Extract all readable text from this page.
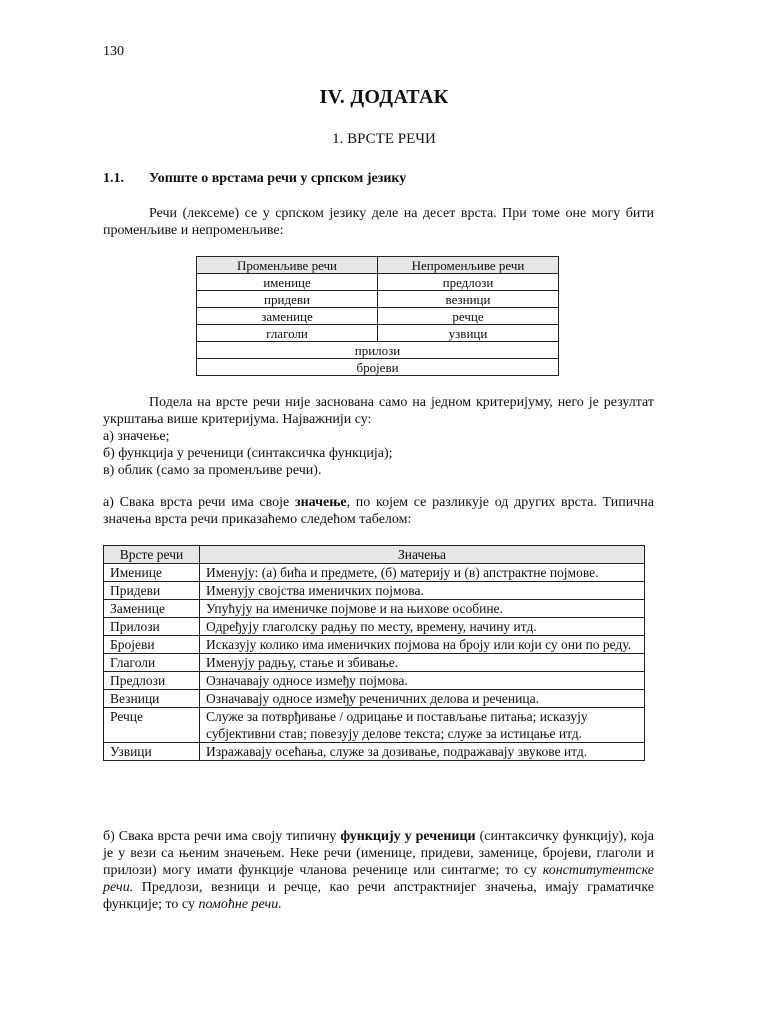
130
IV. ДОДАТАК
1. ВРСТЕ РЕЧИ
1.1. Уопште о врстама речи у српском језику
Речи (лексеме) се у српском језику деле на десет врста. При томе оне могу бити променљиве и непроменљиве:
Променљиве речи	Непроменљиве речи
именице	предлози
придеви	везници
заменице	речце
глаголи	узвици
прилози	
бројеви	
Подела на врсте речи није заснована само на једном критеријуму, него је резултат укрштања више критеријума. Најважнији су:
а) значење;
б) функција у реченици (синтаксичка функција);
в) облик (само за променљиве речи).
а) Свака врста речи има своје значење, по којем се разликује од других врста. Типична значења врста речи приказаћемо следећом табелом:
Врсте речи	Значења
Именице	Именују: (а) бића и предмете, (б) материју и (в) апстрактне појмове.
Придеви	Именују својства именичких појмова.
Заменице	Упућују на именичке појмове и на њихове особине.
Прилози	Одређују глаголску радњу по месту, времену, начину итд.
Бројеви	Исказују колико има именичких појмова на броју или који су они по реду.
Глаголи	Именују радњу, стање и збивање.
Предлози	Означавају односе између појмова.
Везници	Означавају односе између реченичних делова и реченица.
Речце	Служе за потврђивање / одрицање и постављање питања; исказују субјективни став; повезују делове текста; служе за истицање итд.
Узвици	Изражавају осећања, служе за дозивање, подражавају звукове итд.
б) Свака врста речи има своју типичну функцију у реченици (синтаксичку функцију), која је у вези са њеним значењем. Неке речи (именице, придеви, заменице, бројеви, глаголи и прилози) могу имати функције чланова реченице или синтагме; то су конститутентске речи. Предлози, везници и речце, као речи апстрактнијег значења, имају граматичке функције; то су помоћне речи.
